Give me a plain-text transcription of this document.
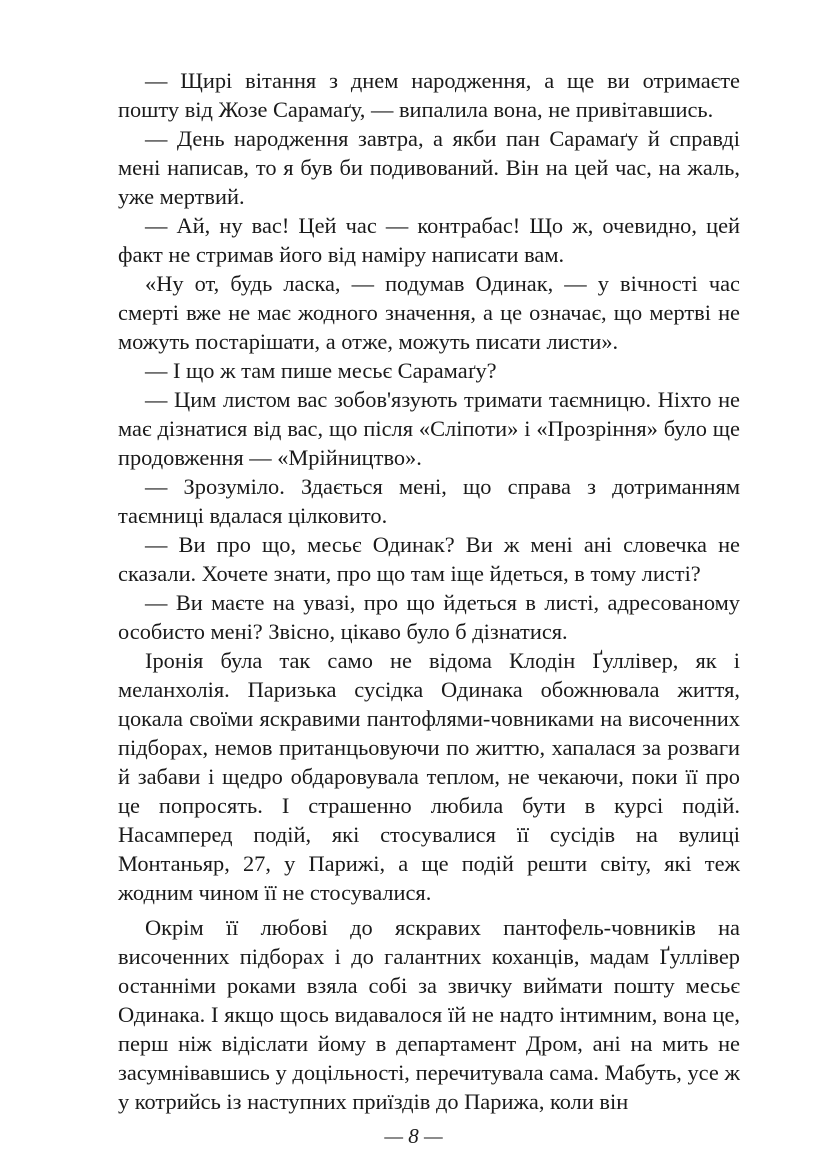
— Щирі вітання з днем народження, а ще ви отримаєте пошту від Жозе Сарамаґу, — випалила вона, не привітавшись.

— День народження завтра, а якби пан Сарамаґу й справді мені написав, то я був би подивований. Він на цей час, на жаль, уже мертвий.

— Ай, ну вас! Цей час — контрабас! Що ж, очевидно, цей факт не стримав його від наміру написати вам.

«Ну от, будь ласка, — подумав Одинак, — у вічності час смерті вже не має жодного значення, а це означає, що мертві не можуть постарішати, а отже, можуть писати листи».

— І що ж там пише месьє Сарамаґу?

— Цим листом вас зобов'язують тримати таємницю. Ніхто не має дізнатися від вас, що після «Сліпоти» і «Прозріння» було ще продовження — «Мрійництво».

— Зрозуміло. Здається мені, що справа з дотриманням таємниці вдалася цілковито.

— Ви про що, месьє Одинак? Ви ж мені ані словечка не сказали. Хочете знати, про що там іще йдеться, в тому листі?

— Ви маєте на увазі, про що йдеться в листі, адресованому особисто мені? Звісно, цікаво було б дізнатися.

Іронія була так само не відома Клодін Ґуллівер, як і меланхолія. Паризька сусідка Одинака обожнювала життя, цокала своїми яскравими пантофлями-човниками на височенних підборах, немов пританцьовуючи по життю, хапалася за розваги й забави і щедро обдаровувала теплом, не чекаючи, поки її про це попросять. І страшенно любила бути в курсі подій. Насамперед подій, які стосувалися її сусідів на вулиці Монтаньяр, 27, у Парижі, а ще подій решти світу, які теж жодним чином її не стосувалися.

Окрім її любові до яскравих пантофель-човників на височенних підборах і до галантних коханців, мадам Ґуллівер останніми роками взяла собі за звичку виймати пошту месьє Одинака. І якщо щось видавалося їй не надто інтимним, вона це, перш ніж відіслати йому в департамент Дром, ані на мить не засумнівавшись у доцільності, перечитувала сама. Мабуть, усе ж у котрийсь із наступних приїздів до Парижа, коли він

— 8 —
